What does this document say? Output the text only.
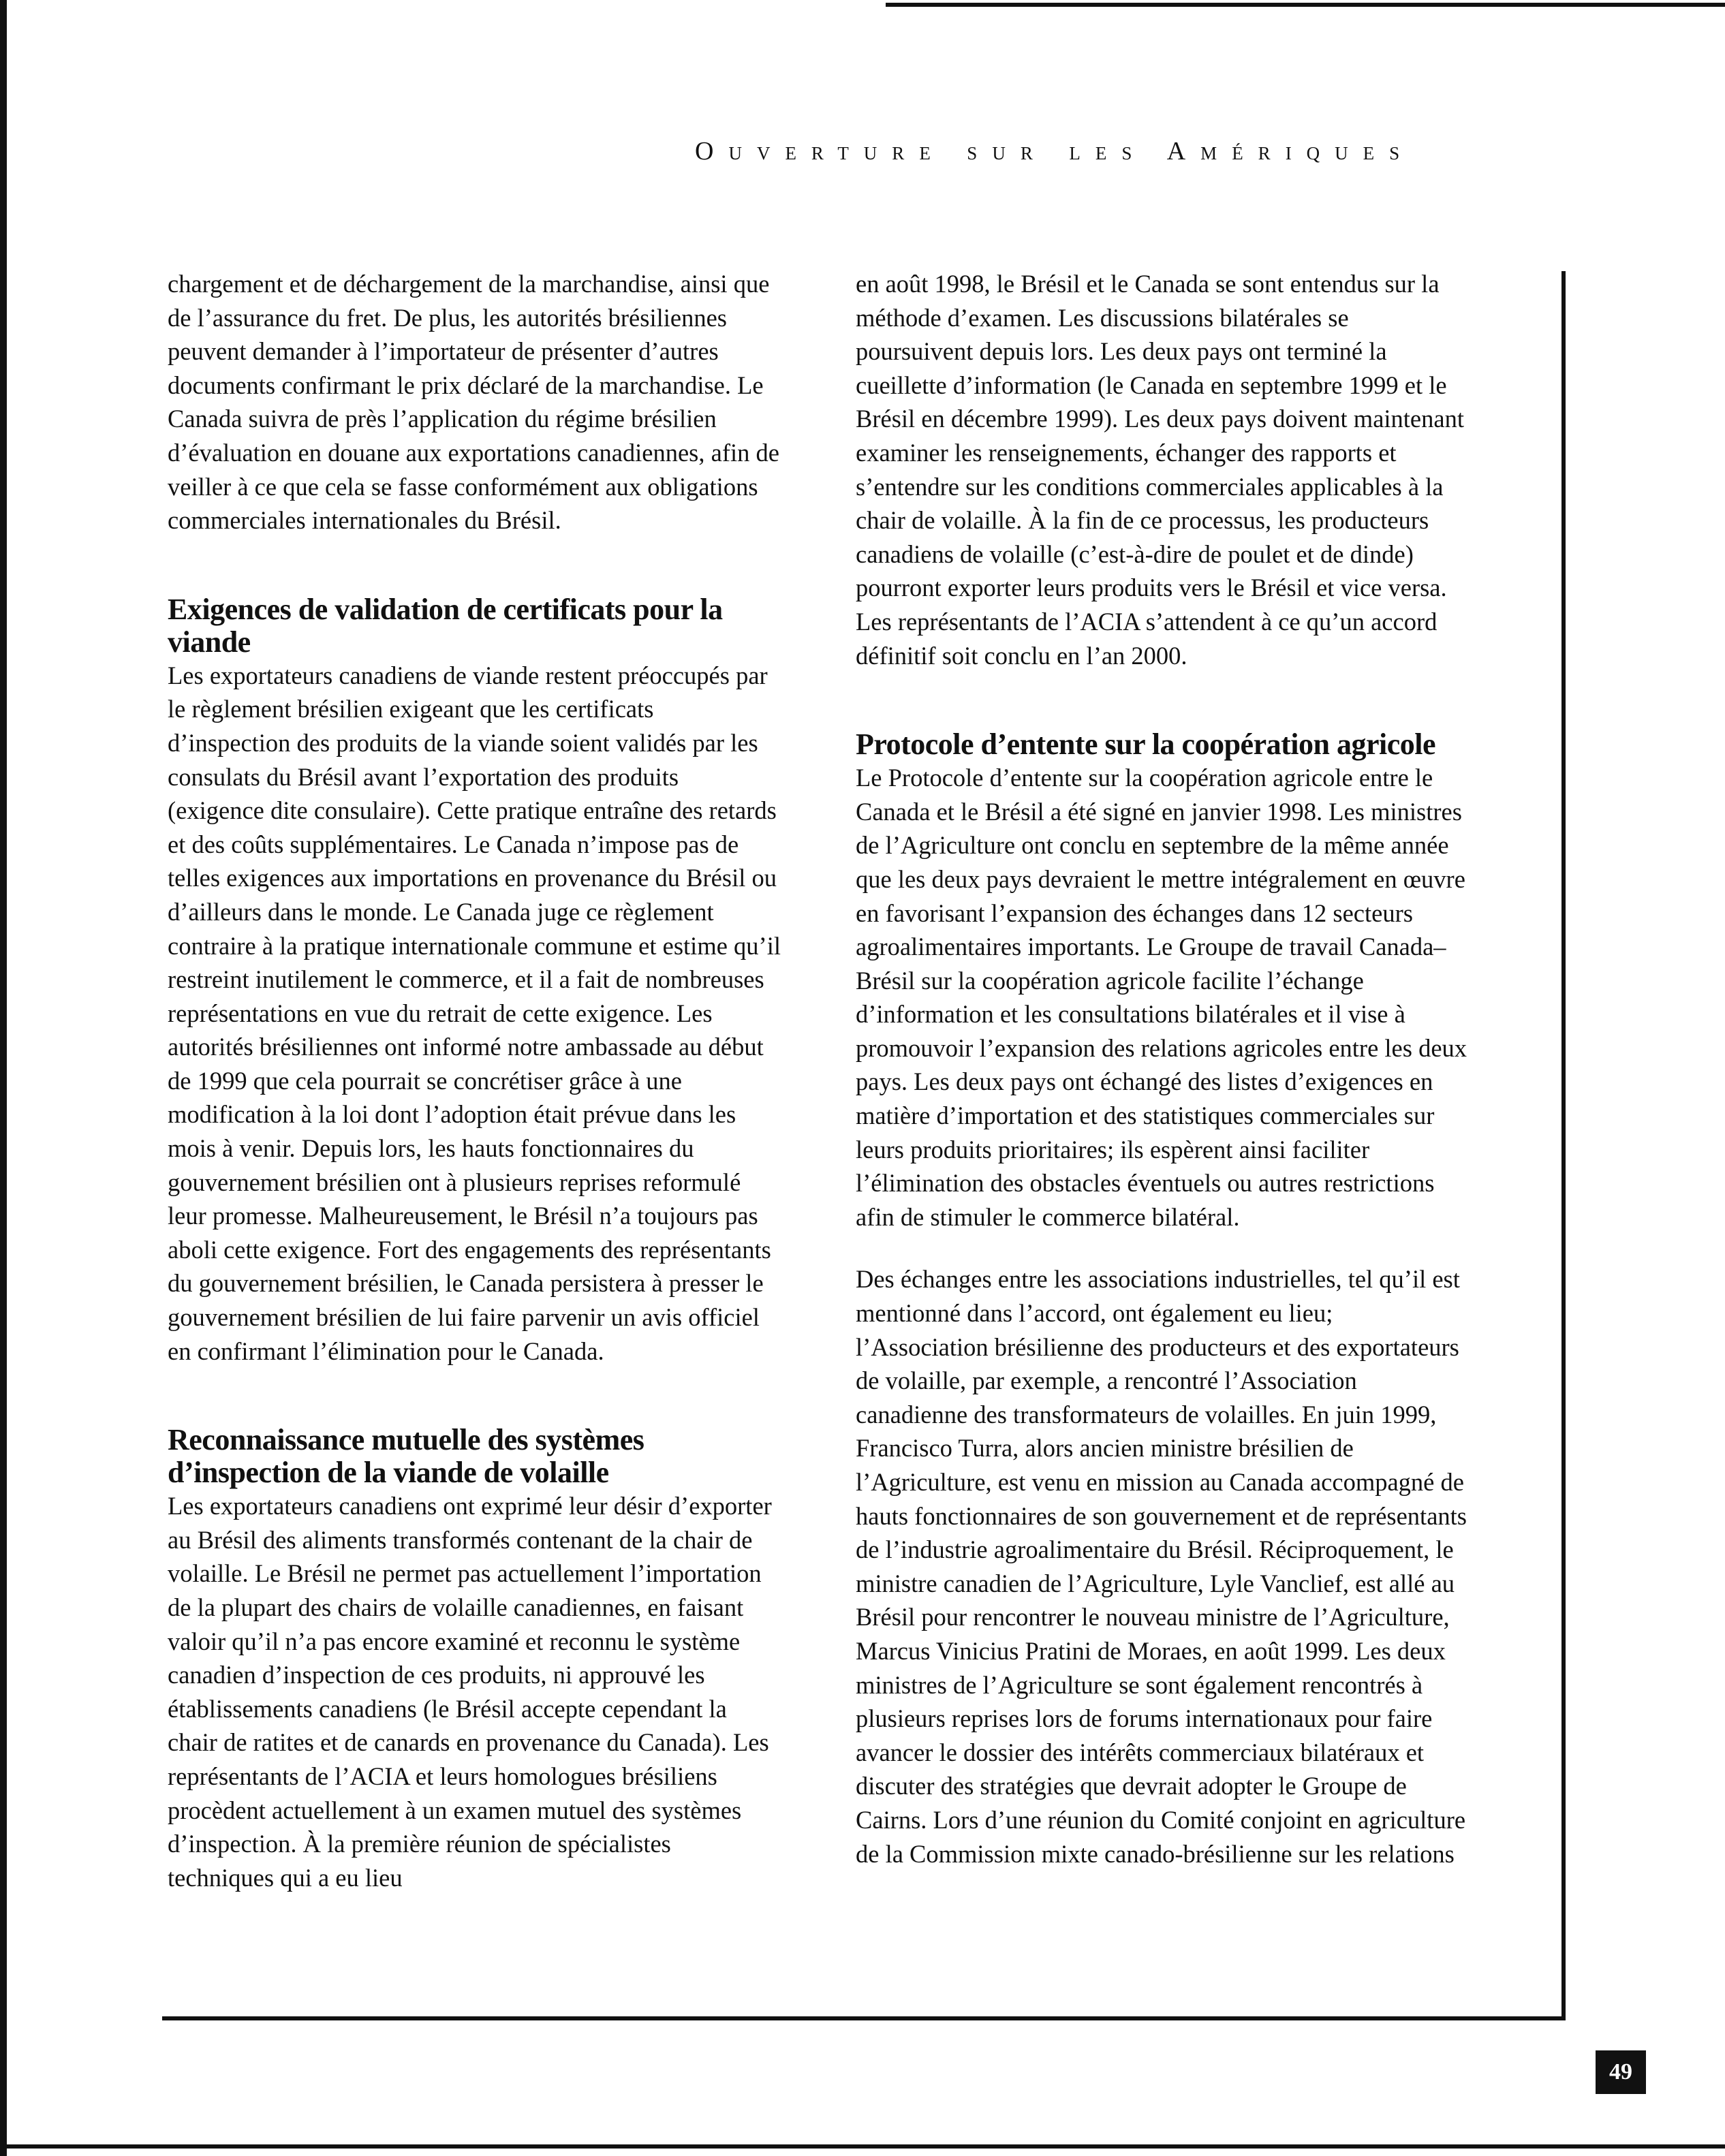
Ouverture sur les Amériques

chargement et de déchargement de la marchandise, ainsi que de l’assurance du fret. De plus, les autorités brésiliennes peuvent demander à l’importateur de présenter d’autres documents confirmant le prix déclaré de la marchandise. Le Canada suivra de près l’application du régime brésilien d’évaluation en douane aux exportations canadiennes, afin de veiller à ce que cela se fasse conformément aux obligations commerciales internationales du Brésil.

Exigences de validation de certificats pour la viande

Les exportateurs canadiens de viande restent préoccupés par le règlement brésilien exigeant que les certificats d’inspection des produits de la viande soient validés par les consulats du Brésil avant l’exportation des produits (exigence dite consulaire). Cette pratique entraîne des retards et des coûts supplémentaires. Le Canada n’impose pas de telles exigences aux importations en provenance du Brésil ou d’ailleurs dans le monde. Le Canada juge ce règlement contraire à la pratique internationale commune et estime qu’il restreint inutilement le commerce, et il a fait de nombreuses représentations en vue du retrait de cette exigence. Les autorités brésiliennes ont informé notre ambassade au début de 1999 que cela pourrait se concrétiser grâce à une modification à la loi dont l’adoption était prévue dans les mois à venir. Depuis lors, les hauts fonctionnaires du gouvernement brésilien ont à plusieurs reprises reformulé leur promesse. Malheureusement, le Brésil n’a toujours pas aboli cette exigence. Fort des engagements des représentants du gouvernement brésilien, le Canada persistera à presser le gouvernement brésilien de lui faire parvenir un avis officiel en confirmant l’élimination pour le Canada.

Reconnaissance mutuelle des systèmes d’inspection de la viande de volaille

Les exportateurs canadiens ont exprimé leur désir d’exporter au Brésil des aliments transformés contenant de la chair de volaille. Le Brésil ne permet pas actuellement l’importation de la plupart des chairs de volaille canadiennes, en faisant valoir qu’il n’a pas encore examiné et reconnu le système canadien d’inspection de ces produits, ni approuvé les établissements canadiens (le Brésil accepte cependant la chair de ratites et de canards en provenance du Canada). Les représentants de l’ACIA et leurs homologues brésiliens procèdent actuellement à un examen mutuel des systèmes d’inspection. À la première réunion de spécialistes techniques qui a eu lieu

en août 1998, le Brésil et le Canada se sont entendus sur la méthode d’examen. Les discussions bilatérales se poursuivent depuis lors. Les deux pays ont terminé la cueillette d’information (le Canada en septembre 1999 et le Brésil en décembre 1999). Les deux pays doivent maintenant examiner les renseignements, échanger des rapports et s’entendre sur les conditions commerciales applicables à la chair de volaille. À la fin de ce processus, les producteurs canadiens de volaille (c’est-à-dire de poulet et de dinde) pourront exporter leurs produits vers le Brésil et vice versa. Les représentants de l’ACIA s’attendent à ce qu’un accord définitif soit conclu en l’an 2000.

Protocole d’entente sur la coopération agricole

Le Protocole d’entente sur la coopération agricole entre le Canada et le Brésil a été signé en janvier 1998. Les ministres de l’Agriculture ont conclu en septembre de la même année que les deux pays devraient le mettre intégralement en œuvre en favorisant l’expansion des échanges dans 12 secteurs agroalimentaires importants. Le Groupe de travail Canada–Brésil sur la coopération agricole facilite l’échange d’information et les consultations bilatérales et il vise à promouvoir l’expansion des relations agricoles entre les deux pays. Les deux pays ont échangé des listes d’exigences en matière d’importation et des statistiques commerciales sur leurs produits prioritaires; ils espèrent ainsi faciliter l’élimination des obstacles éventuels ou autres restrictions afin de stimuler le commerce bilatéral.

Des échanges entre les associations industrielles, tel qu’il est mentionné dans l’accord, ont également eu lieu; l’Association brésilienne des producteurs et des exportateurs de volaille, par exemple, a rencontré l’Association canadienne des transformateurs de volailles. En juin 1999, Francisco Turra, alors ancien ministre brésilien de l’Agriculture, est venu en mission au Canada accompagné de hauts fonctionnaires de son gouvernement et de représentants de l’industrie agroalimentaire du Brésil. Réciproquement, le ministre canadien de l’Agriculture, Lyle Vanclief, est allé au Brésil pour rencontrer le nouveau ministre de l’Agriculture, Marcus Vinicius Pratini de Moraes, en août 1999. Les deux ministres de l’Agriculture se sont également rencontrés à plusieurs reprises lors de forums internationaux pour faire avancer le dossier des intérêts commerciaux bilatéraux et discuter des stratégies que devrait adopter le Groupe de Cairns. Lors d’une réunion du Comité conjoint en agriculture de la Commission mixte canado-brésilienne sur les relations

49
